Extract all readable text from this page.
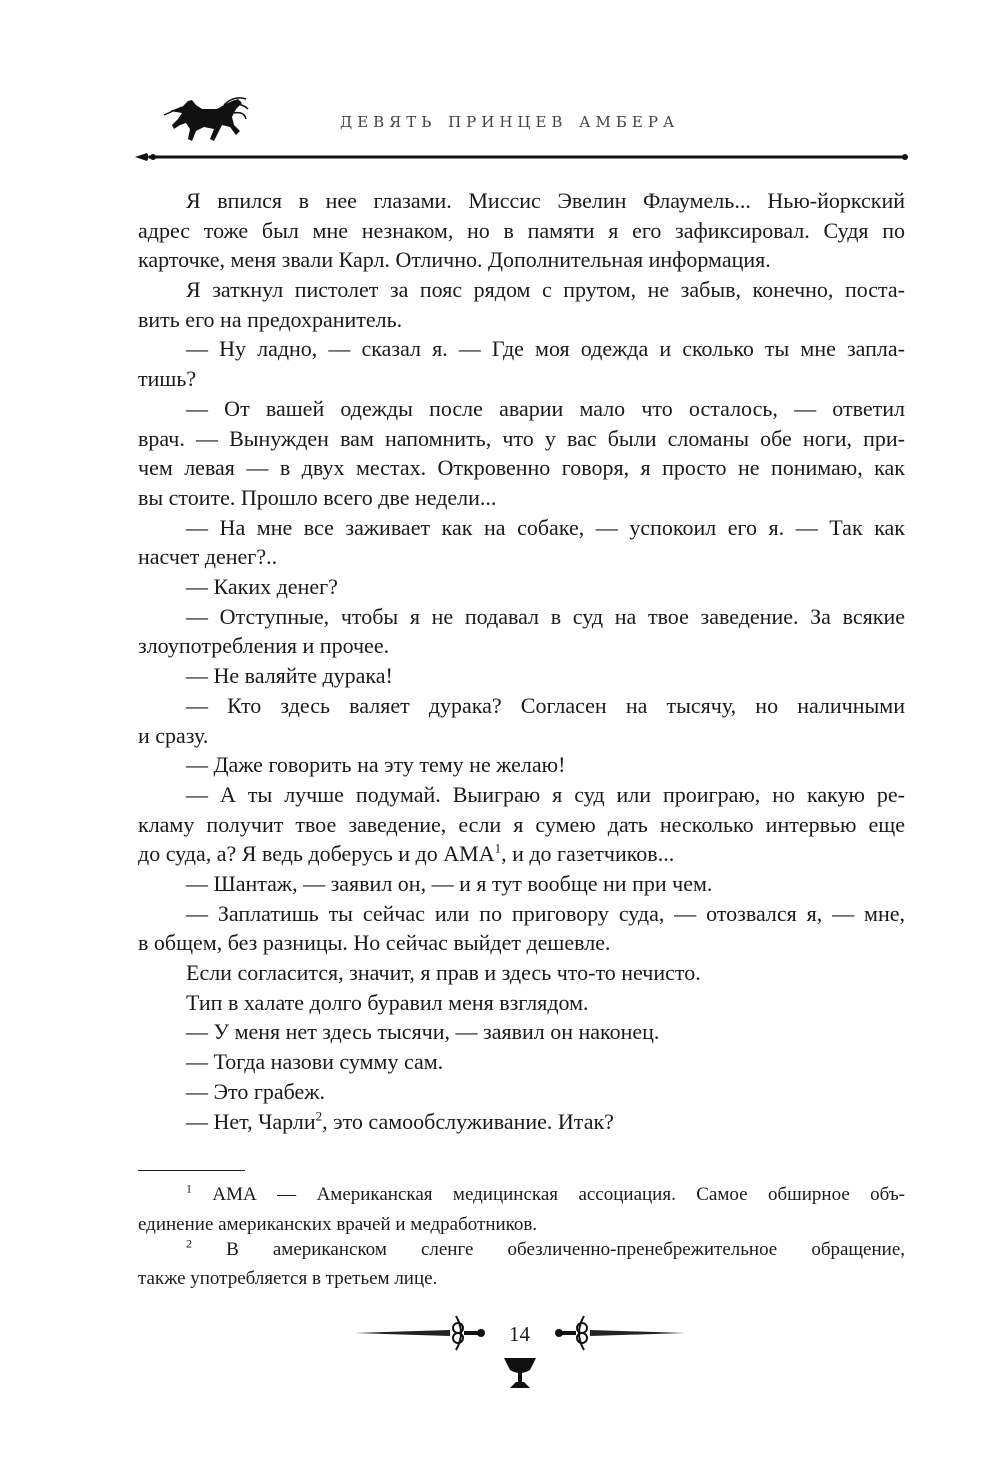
девять принцев амбера
Я впился в нее глазами. Миссис Эвелин Флаумель... Нью-йоркский
адрес тоже был мне незнаком, но в памяти я его зафиксировал. Судя по
карточке, меня звали Карл. Отлично. Дополнительная информация.
Я заткнул пистолет за пояс рядом с прутом, не забыв, конечно, поста-
вить его на предохранитель.
— Ну ладно, — сказал я. — Где моя одежда и сколько ты мне запла-
тишь?
— От вашей одежды после аварии мало что осталось, — ответил
врач. — Вынужден вам напомнить, что у вас были сломаны обе ноги, при-
чем левая — в двух местах. Откровенно говоря, я просто не понимаю, как
вы стоите. Прошло всего две недели...
— На мне все заживает как на собаке, — успокоил его я. — Так как
насчет денег?..
— Каких денег?
— Отступные, чтобы я не подавал в суд на твое заведение. За всякие
злоупотребления и прочее.
— Не валяйте дурака!
— Кто здесь валяет дурака? Согласен на тысячу, но наличными
и сразу.
— Даже говорить на эту тему не желаю!
— А ты лучше подумай. Выиграю я суд или проиграю, но какую ре-
кламу получит твое заведение, если я сумею дать несколько интервью еще
до суда, а? Я ведь доберусь и до АМА$^1$, и до газетчиков...
— Шантаж, — заявил он, — и я тут вообще ни при чем.
— Заплатишь ты сейчас или по приговору суда, — отозвался я, — мне,
в общем, без разницы. Но сейчас выйдет дешевле.
Если согласится, значит, я прав и здесь что-то нечисто.
Тип в халате долго буравил меня взглядом.
— У меня нет здесь тысячи, — заявил он наконец.
— Тогда назови сумму сам.
— Это грабеж.
— Нет, Чарли$^2$, это самообслуживание. Итак?
$^1$ АМА — Американская медицинская ассоциация. Самое обширное объ-
единение американских врачей и медработников.
$^2$ В американском сленге обезличенно-пренебрежительное обращение,
также употребляется в третьем лице.
14
